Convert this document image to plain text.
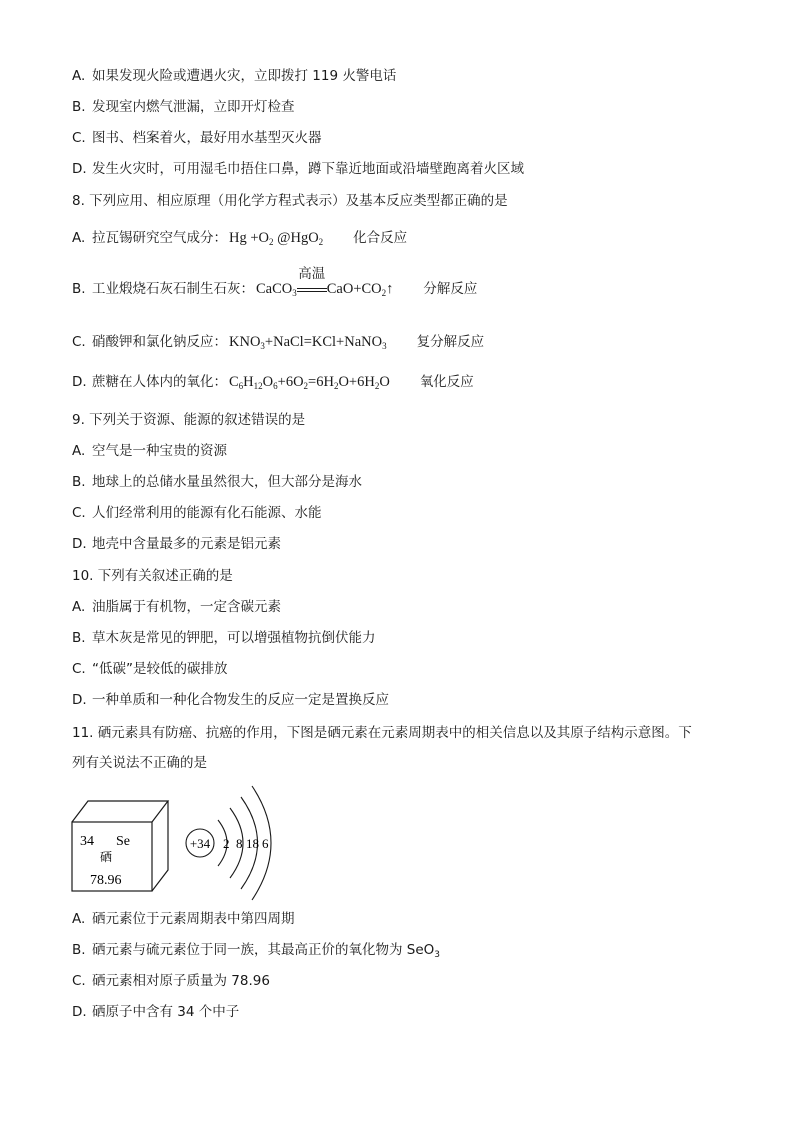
A. 如果发现火险或遭遇火灾，立即拨打 119 火警电话
B. 发现室内燃气泄漏，立即开灯检查
C. 图书、档案着火，最好用水基型灭火器
D. 发生火灾时，可用湿毛巾捂住口鼻，蹲下靠近地面或沿墙壁跑离着火区域
8. 下列应用、相应原理（用化学方程式表示）及基本反应类型都正确的是
A. 拉瓦锡研究空气成分： $Hg +O_2$ @HgO$_2$ 化合反应
B. 工业煅烧石灰石制生石灰： CaCO$_3$
高温
$CaO+CO_2↑$ 分解反应
C. 硝酸钾和氯化钠反应： $KNO_3+NaCl=KCl+NaNO_3$ 复分解反应
D. 蔗糖在人体内的氧化： $C_6H_{12}O_6+6O_2=6H_2O+6H_2O$ 氧化反应
9. 下列关于资源、能源的叙述错误的是
A. 空气是一种宝贵的资源
B. 地球上的总储水量虽然很大，但大部分是海水
C. 人们经常利用的能源有化石能源、水能
D. 地壳中含量最多的元素是铝元素
10. 下列有关叙述正确的是
A. 油脂属于有机物，一定含碳元素
B. 草木灰是常见的钾肥，可以增强植物抗倒伏能力
C. “低碳”是较低的碳排放
D. 一种单质和一种化合物发生的反应一定是置换反应
11. 硒元素具有防癌、抗癌的作用，下图是硒元素在元素周期表中的相关信息以及其原子结构示意图。下
列有关说法不正确的是
34 Se
硒
78.96
+34 2 8 18 6
A. 硒元素位于元素周期表中第四周期
B. 硒元素与硫元素位于同一族，其最高正价的氧化物为 SeO$_3$
C. 硒元素相对原子质量为 78.96
D. 硒原子中含有 34 个中子
